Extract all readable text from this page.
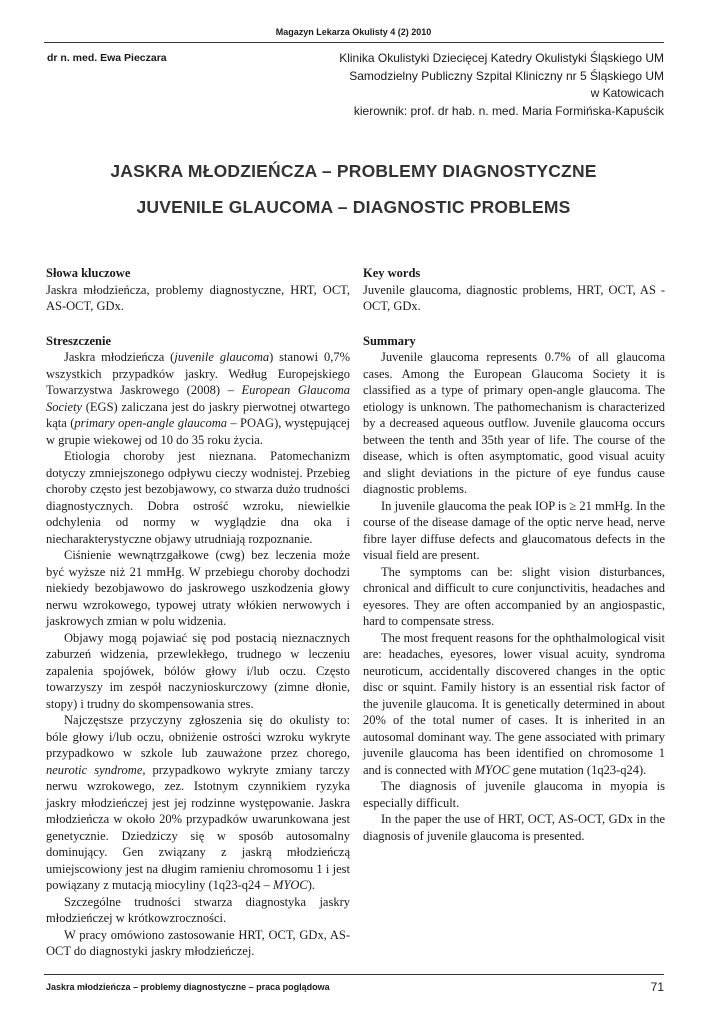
Magazyn Lekarza Okulisty 4 (2) 2010
dr n. med. Ewa Pieczara	Klinika Okulistyki Dziecięcej Katedry Okulistyki Śląskiego UM
Samodzielny Publiczny Szpital Kliniczny nr 5 Śląskiego UM
w Katowicach
kierownik: prof. dr hab. n. med. Maria Formińska-Kapuścik
JASKRA MŁODZIEŃCZA – PROBLEMY DIAGNOSTYCZNE
JUVENILE GLAUCOMA – DIAGNOSTIC PROBLEMS
Słowa kluczowe

Jaskra młodzieńcza, problemy diagnostyczne, HRT, OCT, AS-OCT, GDx.

Streszczenie

Jaskra młodzieńcza (juvenile glaucoma) stanowi 0,7% wszystkich przypadków jaskry. Według Europejskiego Towarzystwa Jaskrowego (2008) – European Glaucoma Society (EGS) zaliczana jest do jaskry pierwotnej otwartego kąta (primary open-angle glaucoma – POAG), występującej w grupie wiekowej od 10 do 35 roku życia.

Etiologia choroby jest nieznana. Patomechanizm dotyczy zmniejszonego odpływu cieczy wodnistej. Przebieg choroby często jest bezobjawowy, co stwarza dużo trudności diagnostycznych. Dobra ostrość wzroku, niewielkie odchylenia od normy w wyglądzie dna oka i niecharakterystyczne objawy utrudniają rozpoznanie.

Ciśnienie wewnątrzgałkowe (cwg) bez leczenia może być wyższe niż 21 mmHg. W przebiegu choroby dochodzi niekiedy bezobjawowo do jaskrowego uszkodzenia głowy nerwu wzrokowego, typowej utraty włókien nerwowych i jaskrowych zmian w polu widzenia.

Objawy mogą pojawiać się pod postacią nieznacznych zaburzeń widzenia, przewlekłego, trudnego w leczeniu zapalenia spojówek, bólów głowy i/lub oczu. Często towarzyszy im zespół naczynioskurczowy (zimne dłonie, stopy) i trudny do skompensowania stres.

Najczęstsze przyczyny zgłoszenia się do okulisty to: bóle głowy i/lub oczu, obniżenie ostrości wzroku wykryte przypadkowo w szkole lub zauważone przez chorego, neurotic syndrome, przypadkowo wykryte zmiany tarczy nerwu wzrokowego, zez. Istotnym czynnikiem ryzyka jaskry młodzieńczej jest jej rodzinne występowanie. Jaskra młodzieńcza w około 20% przypadków uwarunkowana jest genetycznie. Dziedziczy się w sposób autosomalny dominujący. Gen związany z jaskrą młodzieńczą umiejscowiony jest na długim ramieniu chromosomu 1 i jest powiązany z mutacją miocyliny (1q23-q24 – MYOC).

Szczególne trudności stwarza diagnostyka jaskry młodzieńczej w krótkowzroczności.

W pracy omówiono zastosowanie HRT, OCT, GDx, AS-OCT do diagnostyki jaskry młodzieńczej.

Key words

Juvenile glaucoma, diagnostic problems, HRT, OCT, AS -OCT, GDx.

Summary

Juvenile glaucoma represents 0.7% of all glaucoma cases. Among the European Glaucoma Society it is classified as a type of primary open-angle glaucoma. The etiology is unknown. The pathomechanism is characterized by a decreased aqueous outflow. Juvenile glaucoma occurs between the tenth and 35th year of life. The course of the disease, which is often asymptomatic, good visual acuity and slight deviations in the picture of eye fundus cause diagnostic problems.

In juvenile glaucoma the peak IOP is ≥ 21 mmHg. In the course of the disease damage of the optic nerve head, nerve fibre layer diffuse defects and glaucomatous defects in the visual field are present.

The symptoms can be: slight vision disturbances, chronical and difficult to cure conjunctivitis, headaches and eyesores. They are often accompanied by an angiospastic, hard to compensate stress.

The most frequent reasons for the ophthalmological visit are: headaches, eyesores, lower visual acuity, syndroma neuroticum, accidentally discovered changes in the optic disc or squint. Family history is an essential risk factor of the juvenile glaucoma. It is genetically determined in about 20% of the total numer of cases. It is inherited in an autosomal dominant way. The gene associated with primary juvenile glaucoma has been identified on chromosome 1 and is connected with MYOC gene mutation (1q23-q24).

The diagnosis of juvenile glaucoma in myopia is especially difficult.

In the paper the use of HRT, OCT, AS-OCT, GDx in the diagnosis of juvenile glaucoma is presented.

Jaskra młodzieńcza – problemy diagnostyczne – praca poglądowa	71
